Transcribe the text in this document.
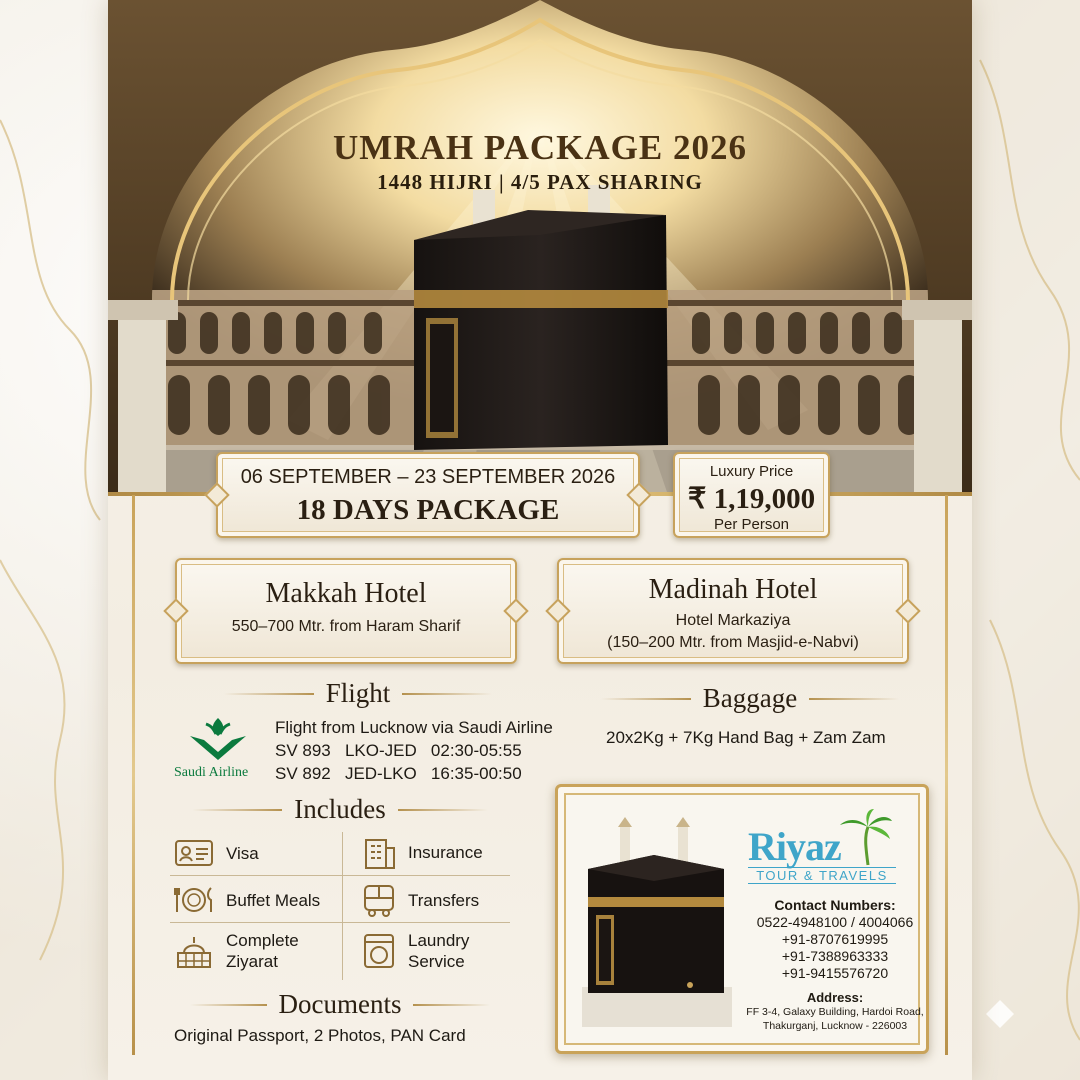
UMRAH PACKAGE 2026
1448 HIJRI | 4/5 PAX SHARING
06 SEPTEMBER – 23 SEPTEMBER 2026
18 DAYS PACKAGE
Luxury Price
₹ 1,19,000
Per Person
Makkah Hotel
550–700 Mtr. from Haram Sharif
Madinah Hotel
Hotel Markaziya
(150–200 Mtr. from Masjid-e-Nabvi)
Flight
Saudi Airline
Flight from Lucknow via Saudi Airline
SV 893 LKO-JED 02:30-05:55
SV 892 JED-LKO 16:35-00:50
Baggage
20x2Kg + 7Kg Hand Bag + Zam Zam
Includes
Visa	Insurance
Buffet Meals	Transfers
Complete
Ziyarat
Laundry
Service
Documents
Original Passport, 2 Photos, PAN Card
Riyaz
TOUR & TRAVELS
Contact Numbers:
0522-4948100 / 4004066
+91-8707619995
+91-7388963333
+91-9415576720
Address:
FF 3-4, Galaxy Building, Hardoi Road,
Thakurganj, Lucknow - 226003
